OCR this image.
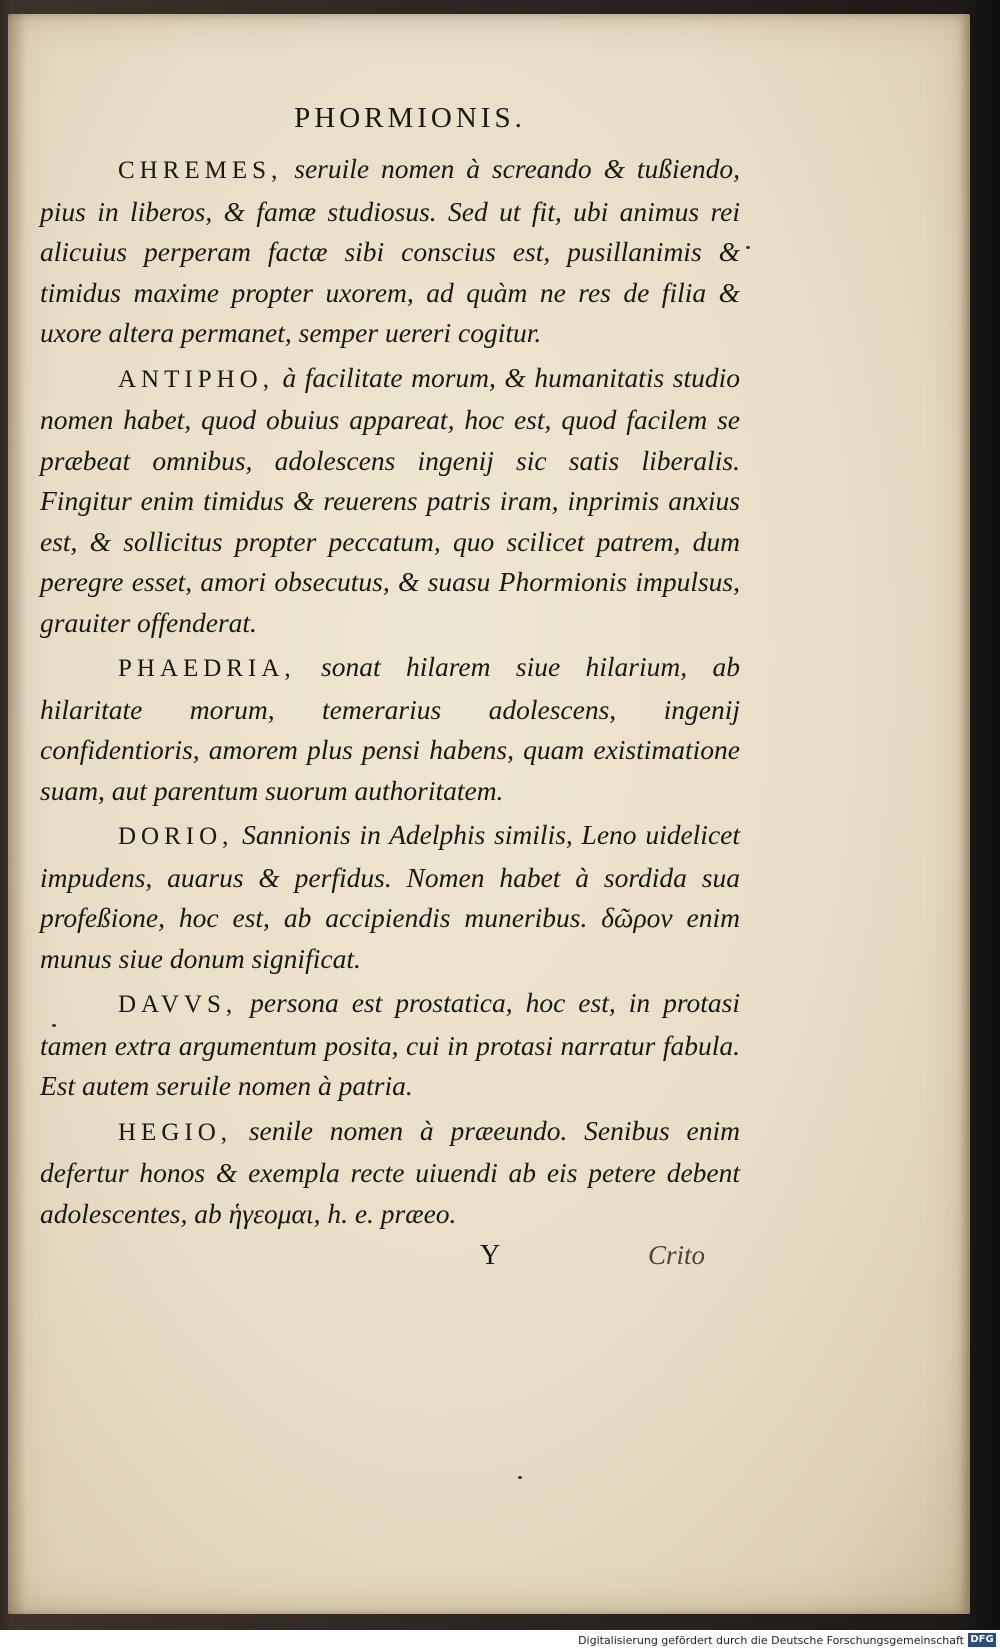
PHORMIONIS.

CHREMES, seruile nomen à screando & tußiendo, pius in liberos, & famæ studiosus. Sed ut fit, ubi animus rei alicuius perperam factæ sibi conscius est, pusillanimis & timidus maxime propter uxorem, ad quàm ne res de filia & uxore altera permanet, semper uereri cogitur.

ANTIPHO, à facilitate morum, & humanitatis studio nomen habet, quod obuius appareat, hoc est, quod facilem se præbeat omnibus, adolescens ingenij sic satis liberalis. Fingitur enim timidus & reuerens patris iram, inprimis anxius est, & sollicitus propter peccatum, quo scilicet patrem, dum peregre esset, amori obsecutus, & suasu Phormionis impulsus, grauiter offenderat.

PHAEDRIA, sonat hilarem siue hilarium, ab hilaritate morum, temerarius adolescens, ingenij confidentioris, amorem plus pensi habens, quam existimatione suam, aut parentum suorum authoritatem.

DORIO, Sannionis in Adelphis similis, Leno uidelicet impudens, auarus & perfidus. Nomen habet à sordida sua profeßione, hoc est, ab accipiendis muneribus. δῶρον enim munus siue donum significat.

DAVVS, persona est prostatica, hoc est, in protasi tamen extra argumentum posita, cui in protasi narratur fabula. Est autem seruile nomen à patria.

HEGIO, senile nomen à præeundo. Senibus enim defertur honos & exempla recte uiuendi ab eis petere debent adolescentes, ab ἡγεομαι, h. e. præeo.

Y	Crito
Digitalisierung gefördert durch die Deutsche Forschungsgemeinschaft DFG
